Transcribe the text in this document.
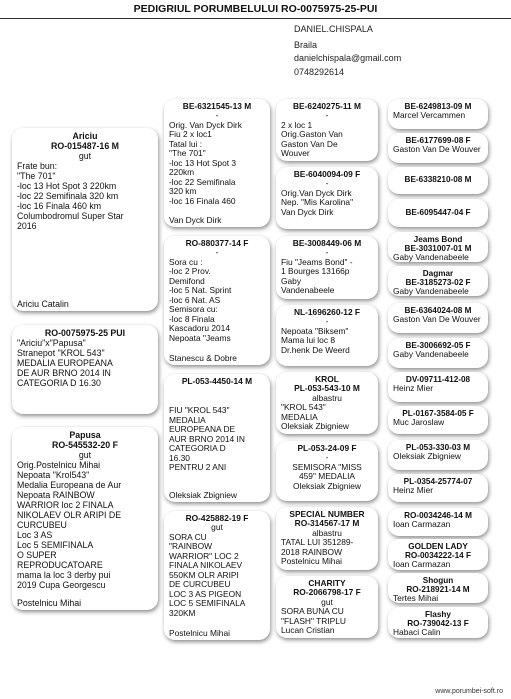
PEDIGRIUL PORUMBELULUI RO-0075975-25-PUI
DANIEL.CHISPALA
Braila
danielchispala@gmail.com
0748292614
Ariciu
RO-015487-16 M
gut
Frate bun:
"The 701"
-loc 13 Hot Spot 3 220km
-loc 22 Semifinala 320 km
-loc 16 Finala 460 km
Columbodromul Super Star
2016
Ariciu Catalin
RO-0075975-25 PUI
"Ariciu"x"Papusa"
Stranepot "KROL 543"
MEDALIA EUROPEANA
DE AUR BRNO 2014 IN
CATEGORIA D 16.30
Papusa
RO-545532-20 F
gut
Orig.Postelnicu Mihai
Nepoata "Krol543"
Medalia Europeana de Aur
Nepoata RAINBOW
WARRIOR loc 2 FINALA
NIKOLAEV OLR ARIPI DE
CURCUBEU
Loc 3 AS
Loc 5 SEMIFINALA
O SUPER
REPRODUCATOARE
mama la loc 3 derby pui
2019 Cupa Georgescu
Postelnicu Mihai
BE-6321545-13 M
-
Orig. Van Dyck Dirk
Fiu 2 x loc1
Tatal lui :
"The 701"
-loc 13 Hot Spot 3
220km
-loc 22 Semifinala
320 km
-loc 16 Finala 460
Van Dyck Dirk
RO-880377-14 F
-
Sora cu :
-loc 2 Prov.
Demifond
-loc 5 Nat. Sprint
-loc 6 Nat. AS
Semisora cu:
-loc 8 Finala
Kascadoru 2014
Nepoata "Jeams
Stanescu & Dobre
PL-053-4450-14 M
FIU "KROL 543"
MEDALIA
EUROPEANA DE
AUR BRNO 2014 IN
CATEGORIA D
16.30
PENTRU 2 ANI
Oleksiak Zbigniew
RO-425882-19 F
gut
SORA CU
"RAINBOW
WARRIOR" LOC 2
FINALA NIKOLAEV
550KM OLR ARIPI
DE CURCUBEU
LOC 3 AS PIGEON
LOC 5 SEMIFINALA
320KM
Postelnicu Mihai
BE-6240275-11 M
-
2 x loc 1
Orig.Gaston Van
Gaston Van De
Wouver
BE-6040094-09 F
-
Orig.Van Dyck Dirk
Nep. "Mis Karolina"
Van Dyck Dirk
BE-3008449-06 M
-
Fiu "Jeams Bond" -
1 Bourges 13166p
Gaby
Vandenabeele
NL-1696260-12 F
-
Nepoata "Biksem"
Mama lui loc 8
Dr.henk De Weerd
KROL
PL-053-543-10 M
albastru
"KROL 543"
MEDALIA
Oleksiak Zbigniew
PL-053-24-09 F
-
SEMISORA "MISS
459" MEDALIA
Oleksiak Zbigniew
SPECIAL NUMBER
RO-314567-17 M
albastru
TATAL LUI 351289-
2018 RAINBOW
Postelnicu Mihai
CHARITY
RO-2066798-17 F
gut
SORA BUNA CU
"FLASH" TRIPLU
Lucan Cristian
BE-6249813-09 M
Marcel Vercammen
BE-6177699-08 F
Gaston Van De Wouver
BE-6338210-08 M
BE-6095447-04 F
Jeams Bond
BE-3031007-01 M
Gaby Vandenabeele
Dagmar
BE-3185273-02 F
Gaby Vandenabeele
BE-6364024-08 M
Gaston Van De Wouver
BE-3006692-05 F
Gaby Vandenabeele
DV-09711-412-08
Heinz Mier
PL-0167-3584-05 F
Muc Jaroslaw
PL-053-330-03 M
Oleksiak Zbigniew
PL-0354-25774-07
Heinz Mier
RO-0034246-14 M
Ioan Carmazan
GOLDEN LADY
RO-0034222-14 F
Ioan Carmazan
Shogun
RO-218921-14 M
Tertes Mihai
Flashy
RO-739042-13 F
Habaci Calin
www.porumbei-soft.ro
